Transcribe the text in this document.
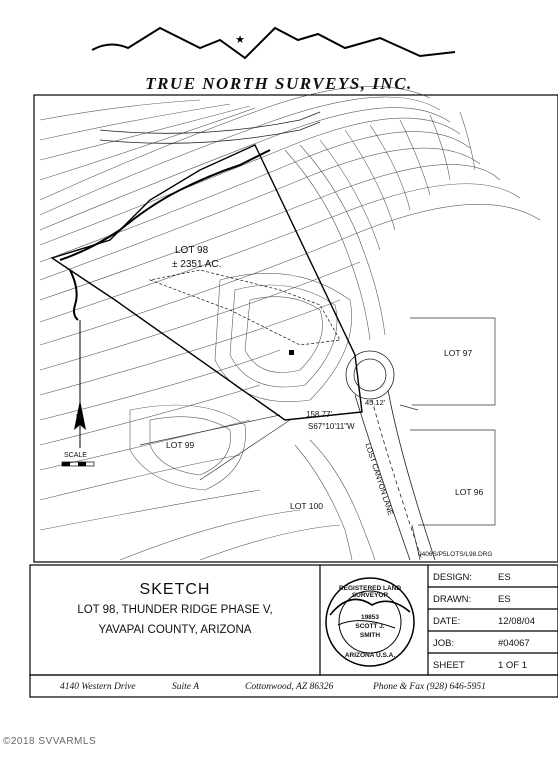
★
TRUE NORTH SURVEYS, INC.
LOT 98
± 2351 AC.
LOT 97
LOT 99
LOT 100
LOT 96
LOST CANYON LANE
158.77'
S67°10'11"W
45.12'
N
SCALE
0406S/P5LOTS/L98.DRG
SKETCH
LOT 98, THUNDER RIDGE PHASE V,
YAVAPAI COUNTY, ARIZONA
REGISTERED LAND SURVEYOR
19853
SCOTT J.
SMITH
ARIZONA U.S.A.
DESIGN:	ES
DRAWN:	ES
DATE:	12/08/04
JOB:	#04067
SHEET	1 OF 1
4140 Western Drive	Suite A	Cottonwood, AZ 86326	Phone & Fax (928) 646-5951
©2018 SVVARMLS
